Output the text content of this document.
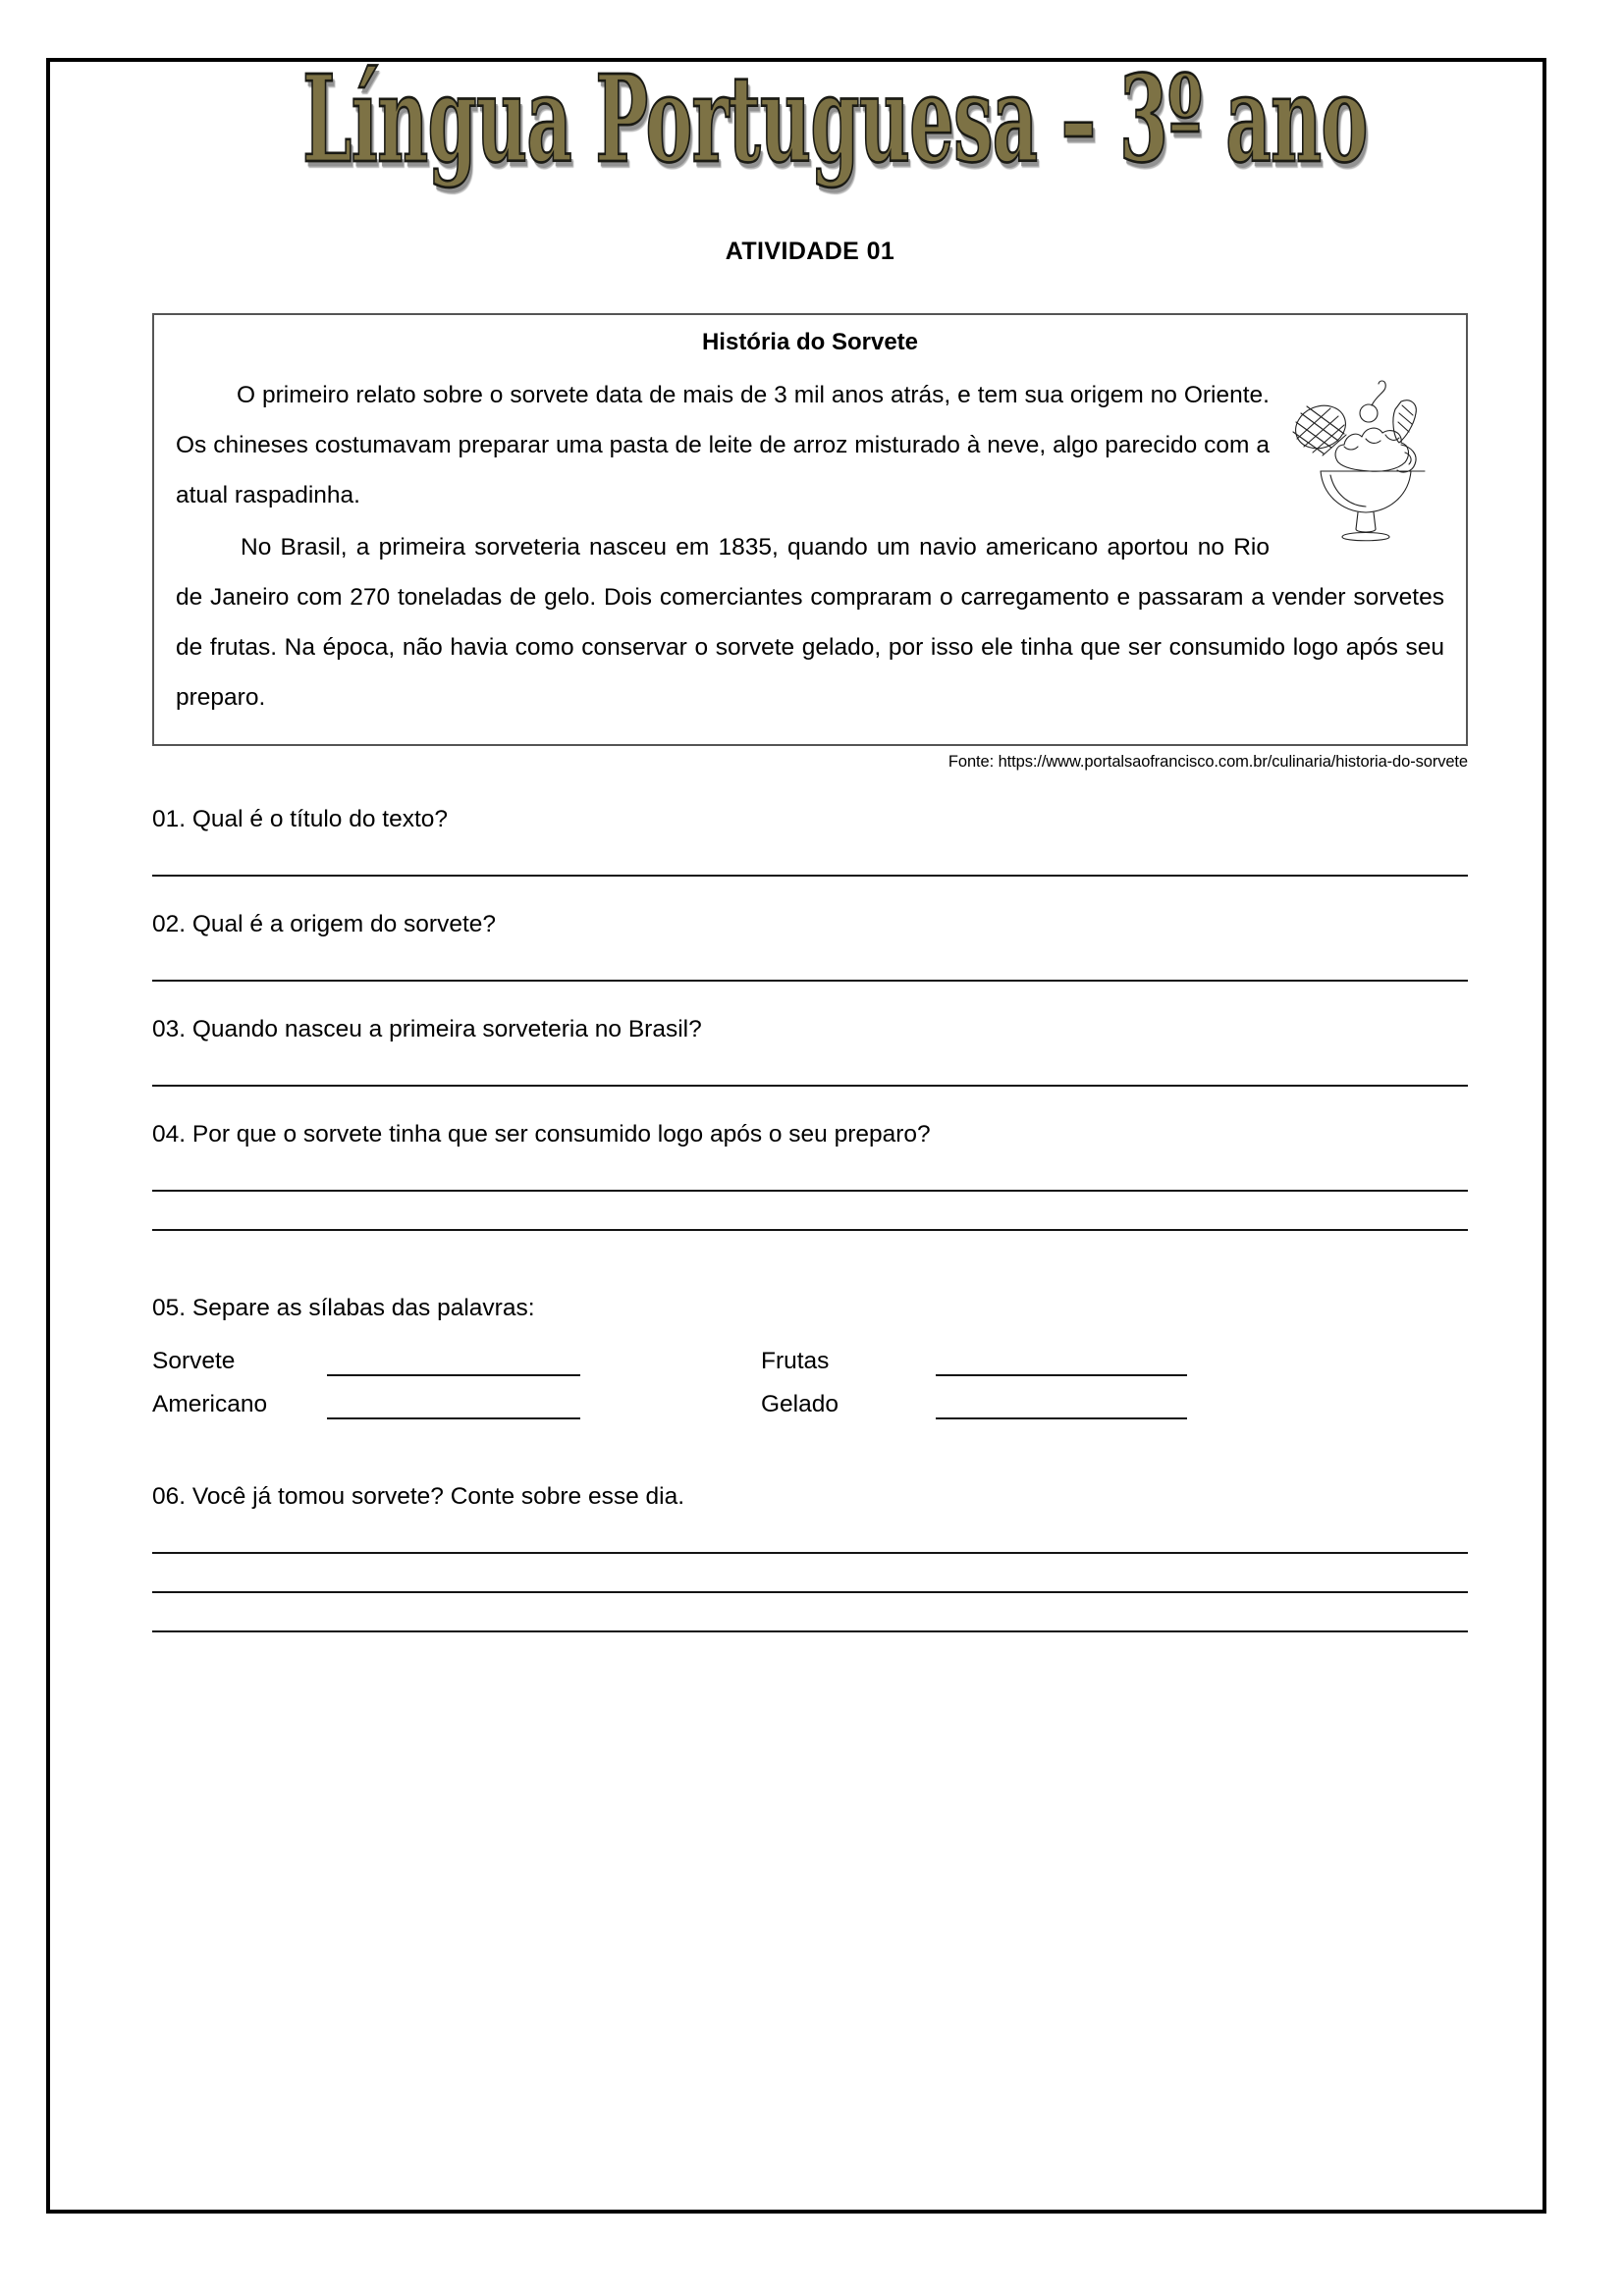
Língua Portuguesa – 3º ano
ATIVIDADE 01
História do Sorvete
O primeiro relato sobre o sorvete data de mais de 3 mil anos atrás, e tem sua origem no Oriente. Os chineses costumavam preparar uma pasta de leite de arroz misturado à neve, algo parecido com a atual raspadinha.
No Brasil, a primeira sorveteria nasceu em 1835, quando um navio americano aportou no Rio de Janeiro com 270 toneladas de gelo. Dois comerciantes compraram o carregamento e passaram a vender sorvetes de frutas. Na época, não havia como conservar o sorvete gelado, por isso ele tinha que ser consumido logo após seu preparo.
Fonte: https://www.portalsaofrancisco.com.br/culinaria/historia-do-sorvete

01. Qual é o título do texto?

02. Qual é a origem do sorvete?

03. Quando nasceu a primeira sorveteria no Brasil?

04. Por que o sorvete tinha que ser consumido logo após o seu preparo?

05. Separe as sílabas das palavras:

Sorvete	Frutas
Americano	Gelado

06. Você já tomou sorvete? Conte sobre esse dia.
